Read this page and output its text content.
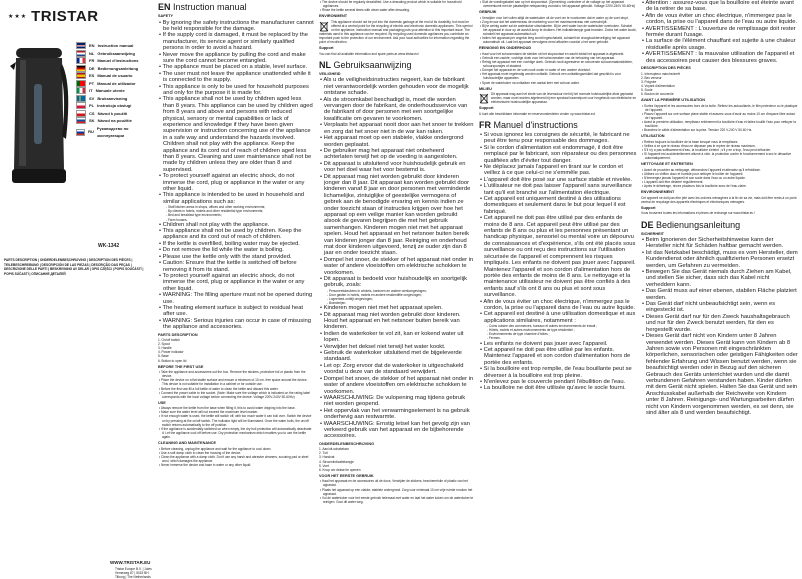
★★★ TRISTAR
EN Instruction manual
NL Gebruiksaanwijzing
FR Manuel d'instructions
DE Bedienungsanleitung
ES Manual de usuario
PT Manual de utilizador
IT Manuale utente
SV Bruksanvisning
PL Instrukcja obsługi
CS Návod k použití
SK Návod na použitie
RU
Руководство по эксплуатации
WK-1342
PARTS DESCRIPTION | ONDERDELENBESCHRIJVING | DESCRIPTION DES PIÈCES | TEILEBESCHREIBUNG | DESCRIPCIÓN DE LAS PIEZAS | DESCRIÇÃO DAS PEÇAS | DESCRIZIONE DELLE PARTI | BESKRIVNING AV DELAR | OPIS CZĘŚCI | POPIS SOUČÁSTÍ | POPIS SÚČASTÍ | ОПИСАНИЕ ДЕТАЛЕЙ
WWW.TRISTAR.EU
Tristar Europe B.V. | Jules Verneweg 87 | 5015 BH Tilburg | The Netherlands
EN Instruction manual
SAFETY

• By ignoring the safety instructions the manufacturer cannot be held responsible for the damage.

• If the supply cord is damaged, it must be replaced by the manufacturer, its service agent or similarly qualified persons in order to avoid a hazard.

• Never move the appliance by pulling the cord and make sure the cord cannot become entangled.

• The appliance must be placed on a stable, level surface.

• The user must not leave the appliance unattended while it is connected to the supply.

• This appliance is only to be used for household purposes and only for the purpose it is made for.

• This appliance shall not be used by children aged less than 8 years. This appliance can be used by children aged from 8 years and above and persons with reduced physical, sensory or mental capabilities or lack of experience and knowledge if they have been given supervision or instruction concerning use of the appliance in a safe way and understand the hazards involved. Children shall not play with the appliance. Keep the appliance and its cord out of reach of children aged less than 8 years. Cleaning and user maintenance shall not be made by children unless they are older than 8 and supervised.

• To protect yourself against an electric shock, do not immerse the cord, plug or appliance in the water or any other liquid.

• This appliance is intended to be used in household and similar applications such as:

- Staff kitchen areas in shops, offices and other working environments;

- By clients in hotels, motels and other residential type environments;

- Bed and breakfast type environments;

- Farm houses.

• Children shall not play with the appliance.

• This appliance shall not be used by children. Keep the appliance and its cord out of reach of children.

• If the kettle is overfilled, boiling water may be ejected.

• Do not remove the lid while the water is boiling.

• Please use the kettle only with the stand provided.

• Caution: Ensure that the kettle is switched off before removing it from its stand.

• To protect yourself against an electric shock, do not immerse the cord, plug or appliance in the water or any other liquid.

• WARNING: The filling aperture must not be opened during use.

• The heating element surface is subject to residual heat after use.

• WARNING: Serious injuries can occur in case of misusing the appliance and accessories.

PARTS DESCRIPTION

1. On/off switch

2. Spout

3. Handle

4. Power indicator

5. Base

6. Button to open lid

BEFORE THE FIRST USE

• Take the appliance and accessoires out the box. Remove the stickers, protective foil or plastic from the device.

• Place the device on a flat stable surface and ensure a minimum of 10 cm. free space around the device. This device is not suitable for installation in a cabinet or for outside use.

• Before the first use fill a full kettle of water to clean the kettle and discard this water.

• Connect the power cable to the socket. (Note: Make sure the voltage which is indicated on the rating label corresponds with the local voltage before connecting the device. Voltage 220V-240V 50-60Hz)

USE

• Always remove the kettle from the base when filling it, this to avoid water dripping into the base.

• Make sure the water level will not exceed the maximum level marker.

• If not enough water is used, the kettle will switch off, with too much water it can boil over. Switch the device on by pressing at the on/off switch. The indicator light will be illuminated. Once the water boils, the on/off switch returns automatically to the off position.

• If the appliance is accidentally switched on when empty, the dry boil protection will automatically deactivate it. Let the appliance cool off before use. Dry protection mechanism which enables you to use the kettle again.

CLEANING AND MAINTENANCE

• Before cleaning, unplug the appliance and wait for the appliance to cool down.

• Use a soft damp cloth to clean the housing of the device.

• Clean the appliance with a damp cloth. Don't use any harsh and abrasive cleaners, scouring pad or steel wool, which damages the appliance.

• Never immerse the device and base in water or any other liquid.

• The device should be regularly decalcified. Use a descaling product which is suitable for household appliances.

• Rinse the kettle several times with clean water after descaling.

ENVIRONMENT

This appliance should not be put into the domestic garbage at the end of its durability, but must be offered at a central point for the recycling of electric and electronic domestic appliances. This symbol on the appliance, instruction manual and packaging puts your attention to this important issue. The materials used in this appliance can be recycled. By recycling used domestic appliances you contribute an important push to the protection of our environment. Ask your local authorities for information regarding the point of recollection.

Support

You can find all available information and spare parts at www.tristar.eu!

NL Gebruiksaanwijzing
VEILIGHEID

• Als u de veiligheidsinstructies negeert, kan de fabrikant niet verantwoordelijk worden gehouden voor de mogelijk ontstane schade.

• Als de stroomkabel beschadigd is, moet die worden vervangen door de fabrikant, de onderhoudsservice van de fabrikant of door personen met een soortgelijke kwalificatie om gevaren te voorkomen.

• Verplaats het apparaat nooit door aan het snoer te trekken en zorg dat het snoer niet in de war kan raken.

• Het apparaat moet op een stabiele, vlakke ondergrond worden geplaatst.

• De gebruiker mag het apparaat niet onbeheerd achterlaten terwijl het op de voeding is aangesloten.

• Dit apparaat is uitsluitend voor huishoudelijk gebruik en voor het doel waar het voor bestemd is.

• Dit apparaat mag niet worden gebruikt door kinderen jonger dan 8 jaar. Dit apparaat kan worden gebruikt door kinderen vanaf 8 jaar en door personen met verminderde lichamelijke, zintuiglijke of geestelijke vermogens of gebrek aan de benodigde ervaring en kennis indien ze onder toezicht staan of instructies krijgen over hoe het apparaat op een veilige manier kan worden gebruikt alsook de gevaren begrijpen die met het gebruik samenhangen. Kinderen mogen niet met het apparaat spelen. Houd het apparaat en het netsnoer buiten bereik van kinderen jonger dan 8 jaar. Reiniging en onderhoud mat door kinderen uitgevoerd, tenzij ze ouder zijn dan 8 jaar en onder toezicht staan.

• Dompel het snoer, de stekker of het apparaat niet onder in water of andere vloeistoffen om elektrische schokken te voorkomen.

• Dit apparaat is bedoeld voor huishoudelijk en soortgelijk gebruik, zoals:

- Personeelskeukens in winkels, kantoren en andere werkomgevingen;

- Door gasten in hotels, motels en andere residentiële omgevingen;

- Logeerbed-ontbijt omgevingen;

- Boerderijen.

• Kinderen mogen niet met het apparaat spelen.

• Dit apparaat mag niet worden gebruikt door kinderen. Houd het apparaat en het netsnoer buiten bereik van kinderen.

• Indien de waterkoker te vol zit, kan er kokend water uit lopen.

• Verwijder het deksel niet terwijl het water kookt.

• Gebruik de waterkoker uitsluitend met de bijgeleverde standaard.

• Let op: Zorg ervoor dat de waterkoker is uitgeschakeld voordat u deze van de standaard verwijdert.

• Dompel het snoer, de stekker of het apparaat niet onder in water of andere vloeistoffen om elektrische schokken te voorkomen.

• WAARSCHUWING: De vulopening mag tijdens gebruik niet worden geopend.

• Het oppervlak van het verwarmingselement is na gebruik onderhevig aan restwarmte.

• WAARSCHUWING: Ernstig letsel kan het gevolg zijn van verkeerd gebruik van het apparaat en de bijbehorende accessoires.

ONDERDELENBESCHRIJVING

1. Aan/uit-schakelaar

2. Tuit

3. Handvat

4. Stroomindicatielampje

5. Voet

6. Knop om deksel te openen

VOOR HET EERSTE GEBRUIK

• Haal het apparaat en de accessoires uit de doos. Verwijder de stickers, beschermfolie of plastic van het apparaat.

• Plaats het apparaat op een vlakke, stabiele ondergrond. Zorg voor minimaal 10 cm vrije ruimte rondom het apparaat.

• Vul de waterkoker voor het eerste gebruik helemaal met water en laat het water koken om de waterkoker te reinigen. Gooi dit water weg.

• Sluit de voedingskabel aan op het stopcontact. (Opmerking: controleer of de voltage op het apparaat overeenkomt met de plaatselijke netspanning voordat u het apparaat gebruikt. Voltage 220V-240V 50-60Hz)

GEBRUIK

• Verwijder voor het vullen altijd de waterkoker uit de voet om te voorkomen dat er water op de voet drupt.

• Zorg ervoor dat het waterniveau de markering voor het maximumniveau niet overschrijdt.

• Bij te weinig water zal de waterkoker uitschakelen. Bij te veel water kan de waterkoker overkoken. Schakel het apparaat in door op de aan/uit-knop te drukken. Het indicatielampje gaat branden. Zodra het water kookt, schakelt het apparaat automatisch uit.

• Indien het apparaat per ongeluk leeg wordt ingeschakeld, schakelt de droogkookbeveiliging het apparaat automatisch uit. Laat het apparaat vervolgens eerst afkoelen voordat u het weer gebruikt.

REINIGING EN ONDERHOUD

• Haal voor het schoonmaken de stekker uit het stopcontact en wacht totdat het apparaat is afgekoeld.

• Gebruik een zachte, vochtige doek voor het schoonmaken van de behuizing van het apparaat.

• Reinig het apparaat met een vochtige doek. Gebruik nooit agressieve en schurende schoonmaakmiddelen, schuursponsjes of staalwol.

• Dompel het apparaat en de voet nooit onder in water of een andere vloeistof.

• Het apparaat moet regelmatig worden ontkalkt. Gebruik een ontkalkingsmiddel dat geschikt is voor huishoudelijke apparaten.

• Spoel de waterkoker na ontkalken een aantal keer met schoon water.

MILIEU

Dit apparaat mag aan het einde van de levensduur niet bij het normale huishoudelijke afval geplaatst worden, maar moet worden afgeleverd bij een speciaal inzamelpunt voor hergebruik van elektrische en elektronische huishoudelijke apparatuur.

Support

U kunt alle beschikbare informatie en reserveonderdelen vinden op www.tristar.eu!

FR Manuel d'instructions

• Si vous ignorez les consignes de sécurité, le fabricant ne peut être tenu pour responsable des dommages.

• Si le cordon d'alimentation est endommagé, il doit être remplacé par le fabricant, son réparateur ou des personnes qualifiées afin d'éviter tout danger.

• Ne déplacez jamais l'appareil en tirant sur le cordon et veillez à ce que celui-ci ne s'emmêle pas.

• L'appareil doit être posé sur une surface stable et nivelée.

• L'utilisateur ne doit pas laisser l'appareil sans surveillance tant qu'il est branché sur l'alimentation électrique.

• Cet appareil est uniquement destiné à des utilisations domestiques et seulement dans le but pour lequel il est fabriqué.

• Cet appareil ne doit pas être utilisé par des enfants de moins de 8 ans. Cet appareil peut être utilisé par des enfants de 8 ans ou plus et les personnes présentant un handicap physique, sensoriel ou mental voire un dépourvu de connaissances et d'expérience, s'ils ont été placés sous surveillance ou ont reçu des instructions sur l'utilisation sécurisée de l'appareil et comprennent les risques impliqués. Les enfants ne doivent pas jouer avec l'appareil. Maintenez l'appareil et son cordon d'alimentation hors de portée des enfants de moins de 8 ans. Le nettoyage et la maintenance utilisateur ne doivent pas être confiés à des enfants sauf s'ils ont 8 ans ou plus et sont sous surveillance.

• Afin de vous éviter un choc électrique, n'immergez pas le cordon, la prise ou l'appareil dans de l'eau ou autre liquide.

• Cet appareil est destiné à une utilisation domestique et aux applications similaires, notamment :

- Coins cuisine des commerces, bureaux et autres environnements de travail ;

- Hôtels, motels et autres environnements de type résidentiel ;

- Environnements de type chambre d'hôtes ;

- Fermes.

• Les enfants ne doivent pas jouer avec l'appareil.

• Cet appareil ne doit pas être utilisé par les enfants. Maintenez l'appareil et son cordon d'alimentation hors de portée des enfants.

• Si la bouilloire est trop remplie, de l'eau bouillante peut se déverser à la bouilloire est trop pleine.

• N'enlevez pas le couvercle pendant l'ébullition de l'eau.

• La bouilloire ne doit être utilisée qu'avec le socle fourni.

• Attention : assurez-vous que la bouilloire est éteinte avant de la retirer de sa base.

• Afin de vous éviter un choc électrique, n'immergez pas le cordon, la prise ou l'appareil dans de l'eau ou autre liquide.

• AVERTISSEMENT : L'ouverture de remplissage doit rester fermée durant l'usage.

• La surface de l'élément chauffant est sujette à une chaleur résiduelle après usage.

• AVERTISSEMENT : la mauvaise utilisation de l'appareil et des accessoires peut causer des blessures graves.

DESCRIPTION DES PIÈCES

1. Interrupteur marche/arrêt

2. Bec verseur

3. Poignée

4. Voyant d'alimentation

5. Socle

6. Bouton de couvercle

AVANT LA PREMIÈRE UTILISATION

• Sortez l'appareil et les accessoires hors de la boîte. Retirez les autocollants, le film protecteur ou le plastique de l'appareil.

• Placez l'appareil sur une surface plane stable et assurez-vous d'avoir au moins 10 cm d'espace libre autour de l'appareil.

• Avant la première utilisation, remplissez entièrement la bouilloire d'eau et faites bouillir l'eau pour nettoyer la bouilloire.

• Branchez le câble d'alimentation sur la prise. Tension 220 V-240 V 50-60 Hz.

UTILISATION

• Retirez toujours la bouilloire de la base lorsque vous la remplissez.

• Veillez à ce que le niveau d'eau ne dépasse pas le repère de niveau maximum.

• S'il n'y a pas suffisamment d'eau, la bouilloire s'éteint ; s'il y en a trop, l'eau peut déborder.

• Si l'appareil est accidentellement allumé à vide, la protection contre le fonctionnement à sec le désactive automatiquement.

NETTOYAGE ET ENTRETIEN

• Avant de procéder au nettoyage, débranchez l'appareil et attendez qu'il refroidisse.

• Utilisez un chiffon doux et humide pour nettoyer le boîtier de l'appareil.

• N'immergez jamais l'appareil et son socle dans l'eau ou un autre liquide.

• L'appareil doit être détartré régulièrement.

• Après le détartrage, rincez plusieurs fois la bouilloire avec de l'eau claire.

ENVIRONNEMENT

Cet appareil ne doit pas être jeté avec les ordures ménagères à la fin de sa vie, mais doit être remis à un point central de recyclage des appareils électriques et électroniques ménagers.

Support

Vous trouverez toutes les informations et pièces de rechange sur www.tristar.eu !

DE Bedienungsanleitung
SICHERHEIT

• Beim Ignorieren der Sicherheitshinweise kann der Hersteller nicht für Schäden haftbar gemacht werden.

• Ist das Netzkabel beschädigt, muss es vom Hersteller, dem Kundendienst oder ähnlich qualifizierten Personen ersetzt werden, um Gefahren zu vermeiden.

• Bewegen Sie das Gerät niemals durch Ziehen am Kabel, und stellen Sie sicher, dass sich das Kabel nicht verheddern kann.

• Das Gerät muss auf einer ebenen, stabilen Fläche platziert werden.

• Das Gerät darf nicht unbeaufsichtigt sein, wenn es eingesteckt ist.

• Dieses Gerät darf nur für den Zweck haushaltsgebrauch und nur für den Zweck benutzt werden, für den es hergestellt wurde.

• Dieses Gerät darf nicht von Kindern unter 8 Jahren verwendet werden. Dieses Gerät kann von Kindern ab 8 Jahren sowie von Personen mit eingeschränkten körperlichen, sensorischen oder geistigen Fähigkeiten oder fehlender Erfahrung und Wissen benutzt werden, wenn sie beaufsichtigt werden oder in Bezug auf den sicheren Gebrauch des Geräts unterrichtet wurden und die damit verbundenen Gefahren verstanden haben. Kinder dürfen mit dem Gerät nicht spielen. Halten Sie das Gerät und sein Anschlusskabel außerhalb der Reichweite von Kindern unter 8 Jahren. Reinigungs- und Wartungsarbeiten dürfen nicht von Kindern vorgenommen werden, es sei denn, sie sind älter als 8 und werden beaufsichtigt.
